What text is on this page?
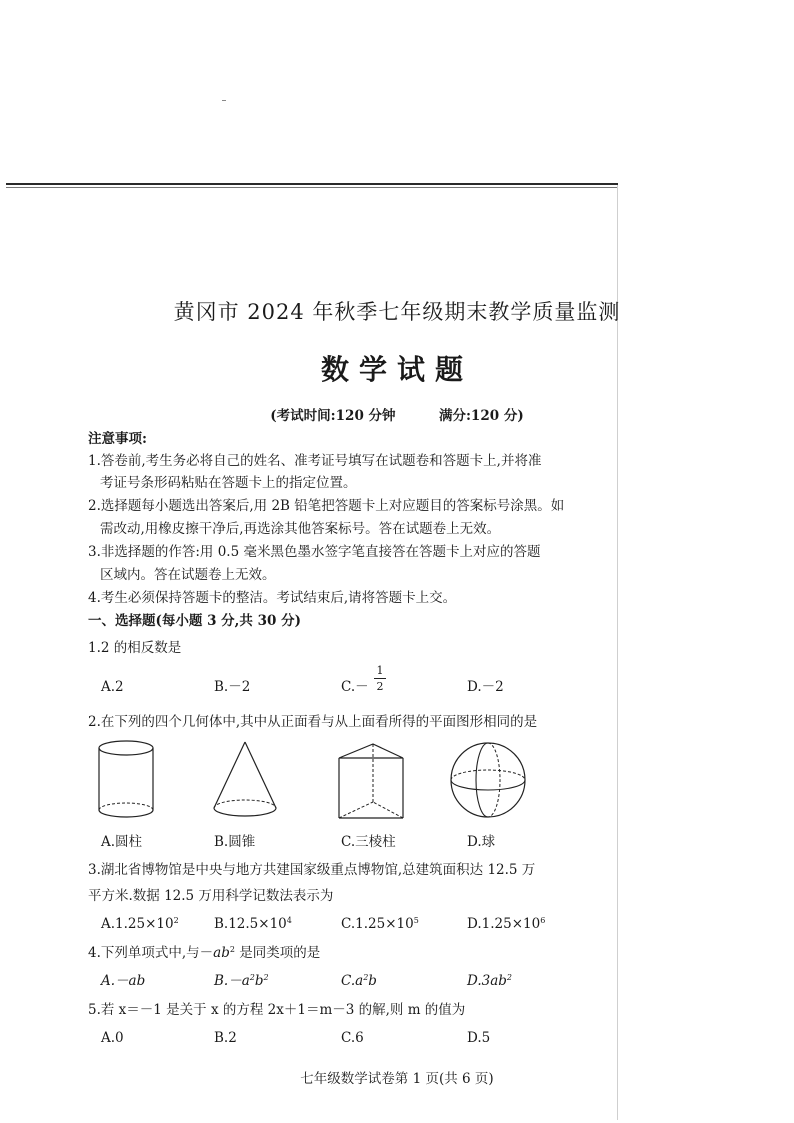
黄冈市 2024 年秋季七年级期末教学质量监测
数学试题
(考试时间:120 分钟	满分:120 分)
注意事项:
1.答卷前,考生务必将自己的姓名、准考证号填写在试题卷和答题卡上,并将准
考证号条形码粘贴在答题卡上的指定位置。
2.选择题每小题选出答案后,用 2B 铅笔把答题卡上对应题目的答案标号涂黑。如
需改动,用橡皮擦干净后,再选涂其他答案标号。答在试题卷上无效。
3.非选择题的作答:用 0.5 毫米黑色墨水签字笔直接答在答题卡上对应的答题
区域内。答在试题卷上无效。
4.考生必须保持答题卡的整洁。考试结束后,请将答题卡上交。
一、选择题(每小题 3 分,共 30 分)
1.2 的相反数是
A.2	B.－2	C.－
1
2	D.－2
2.在下列的四个几何体中,其中从正面看与从上面看所得的平面图形相同的是
A.圆柱	B.圆锥	C.三棱柱	D.球
3.湖北省博物馆是中央与地方共建国家级重点博物馆,总建筑面积达 12.5 万
平方米.数据 12.5 万用科学记数法表示为
$A.1.25\times 10^2$	$B.12.5\times 10^4$	$C.1.25\times 10^5$	$D.1.25\times 10^6$
4.下列单项式中,与$-ab^2$ 是同类项的是
A.－ab	$B.-a^2b^2$	$C.a^2b$	$D.3ab^2$
5.若 x＝－1 是关于 x 的方程 2x＋1＝m－3 的解,则 m 的值为
A.0	B.2	C.6	D.5
七年级数学试卷第 1 页(共 6 页)
